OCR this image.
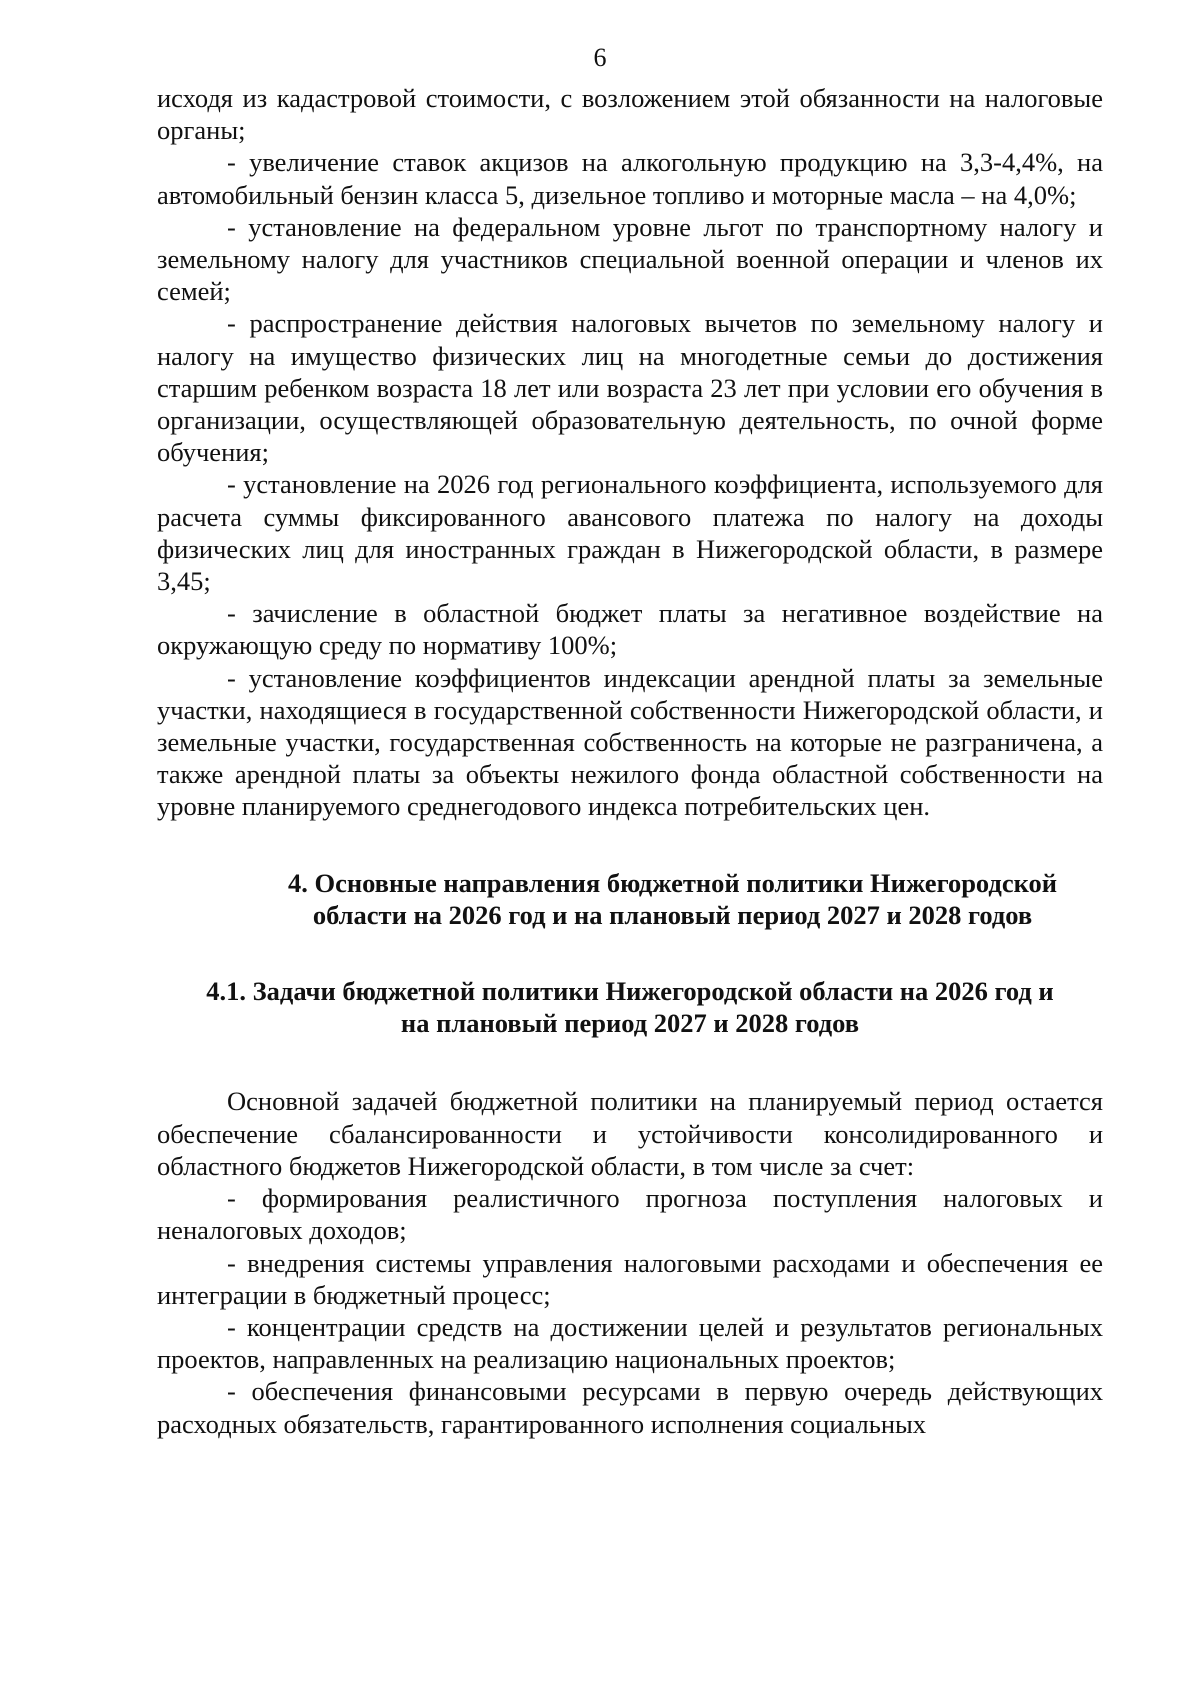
6

исходя из кадастровой стоимости, с возложением этой обязанности на налоговые органы;

- увеличение ставок акцизов на алкогольную продукцию на 3,3-4,4%, на автомобильный бензин класса 5, дизельное топливо и моторные масла – на 4,0%;

- установление на федеральном уровне льгот по транспортному налогу и земельному налогу для участников специальной военной операции и членов их семей;

- распространение действия налоговых вычетов по земельному налогу и налогу на имущество физических лиц на многодетные семьи до достижения старшим ребенком возраста 18 лет или возраста 23 лет при условии его обучения в организации, осуществляющей образовательную деятельность, по очной форме обучения;

- установление на 2026 год регионального коэффициента, используемого для расчета суммы фиксированного авансового платежа по налогу на доходы физических лиц для иностранных граждан в Нижегородской области, в размере 3,45;

- зачисление в областной бюджет платы за негативное воздействие на окружающую среду по нормативу 100%;

- установление коэффициентов индексации арендной платы за земельные участки, находящиеся в государственной собственности Нижегородской области, и земельные участки, государственная собственность на которые не разграничена, а также арендной платы за объекты нежилого фонда областной собственности на уровне планируемого среднегодового индекса потребительских цен.

4. Основные направления бюджетной политики Нижегородской
области на 2026 год и на плановый период 2027 и 2028 годов
4.1. Задачи бюджетной политики Нижегородской области на 2026 год и
на плановый период 2027 и 2028 годов

Основной задачей бюджетной политики на планируемый период остается обеспечение сбалансированности и устойчивости консолидированного и областного бюджетов Нижегородской области, в том числе за счет:

- формирования реалистичного прогноза поступления налоговых и неналоговых доходов;

- внедрения системы управления налоговыми расходами и обеспечения ее интеграции в бюджетный процесс;

- концентрации средств на достижении целей и результатов региональных проектов, направленных на реализацию национальных проектов;

- обеспечения финансовыми ресурсами в первую очередь действующих расходных обязательств, гарантированного исполнения социальных
